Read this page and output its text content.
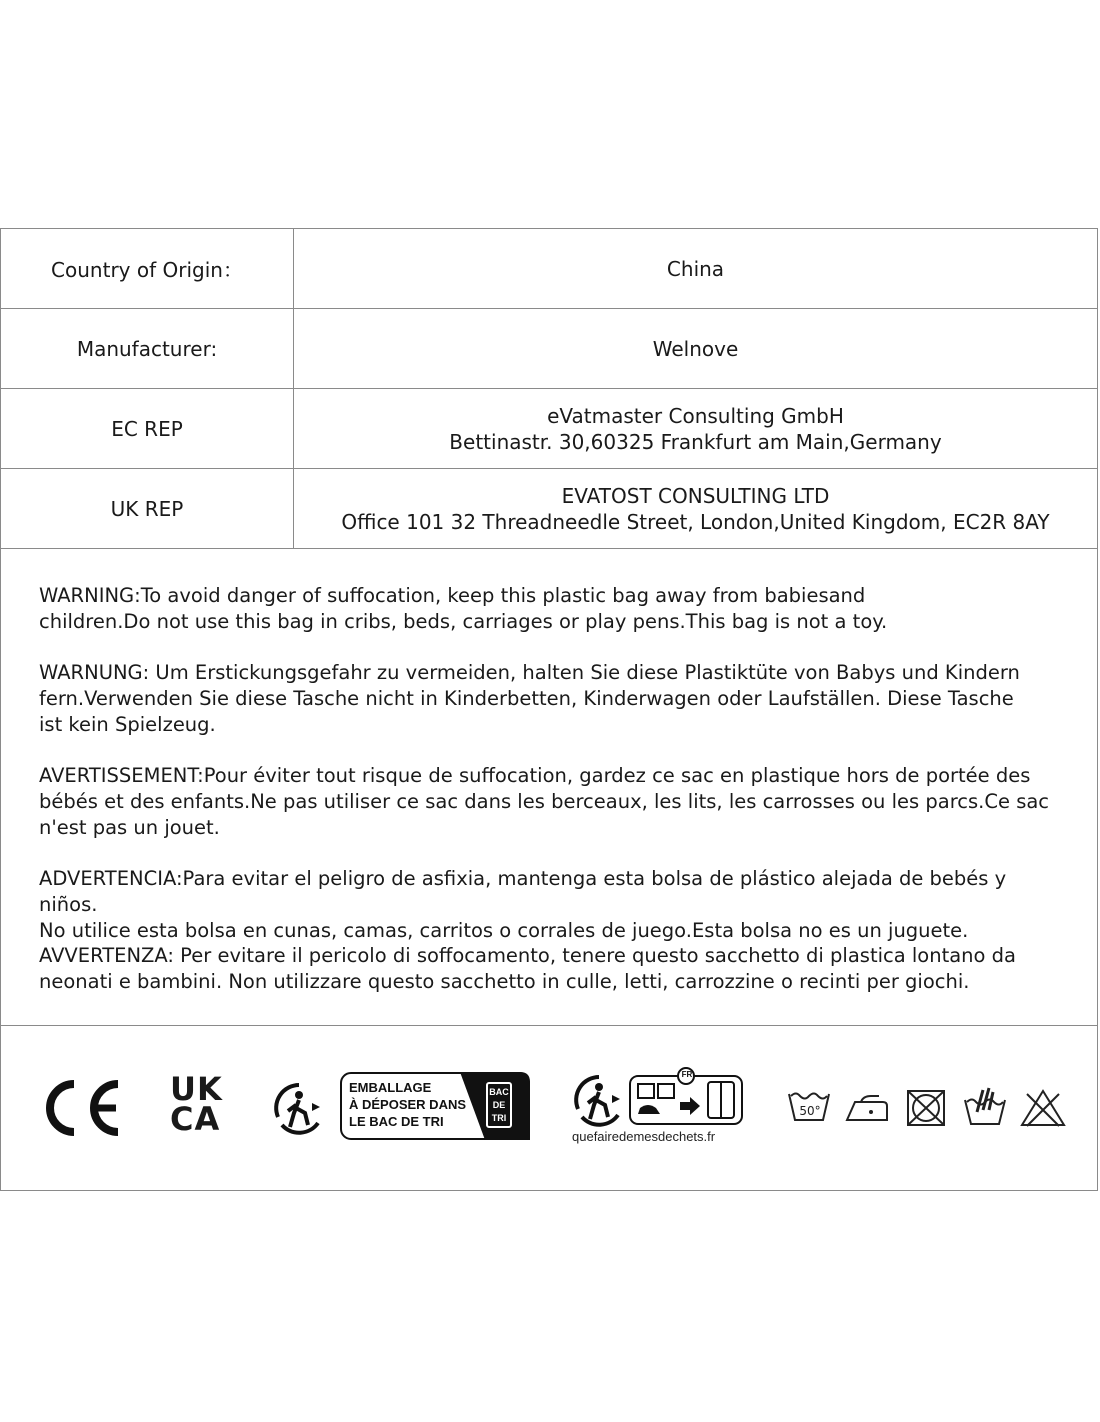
Country of Origin：	China
Manufacturer:	Welnove
EC REP
eVatmaster Consulting GmbH
Bettinastr. 30,60325 Frankfurt am Main,Germany
UK REP
EVATOST CONSULTING LTD
Office 101 32 Threadneedle Street, London,United Kingdom, EC2R 8AY
WARNING:To avoid danger of suffocation, keep this plastic bag away from babiesand
children.Do not use this bag in cribs, beds, carriages or play pens.This bag is not a toy.
WARNUNG: Um Erstickungsgefahr zu vermeiden, halten Sie diese Plastiktüte von Babys und Kindern
fern.Verwenden Sie diese Tasche nicht in Kinderbetten, Kinderwagen oder Laufställen. Diese Tasche
ist kein Spielzeug.
AVERTISSEMENT:Pour éviter tout risque de suffocation, gardez ce sac en plastique hors de portée des
bébés et des enfants.Ne pas utiliser ce sac dans les berceaux, les lits, les carrosses ou les parcs.Ce sac
n'est pas un jouet.
ADVERTENCIA:Para evitar el peligro de asfixia, mantenga esta bolsa de plástico alejada de bebés y niños.
No utilice esta bolsa en cunas, camas, carritos o corrales de juego.Esta bolsa no es un juguete.
AVVERTENZA: Per evitare il pericolo di soffocamento, tenere questo sacchetto di plastica lontano da
neonati e bambini. Non utilizzare questo sacchetto in culle, letti, carrozzine o recinti per giochi.
UK
CA
EMBALLAGE
À DÉPOSER DANS
LE BAC DE TRI
BAC
DE
TRI
FR
quefairedemesdechets.fr
50°
